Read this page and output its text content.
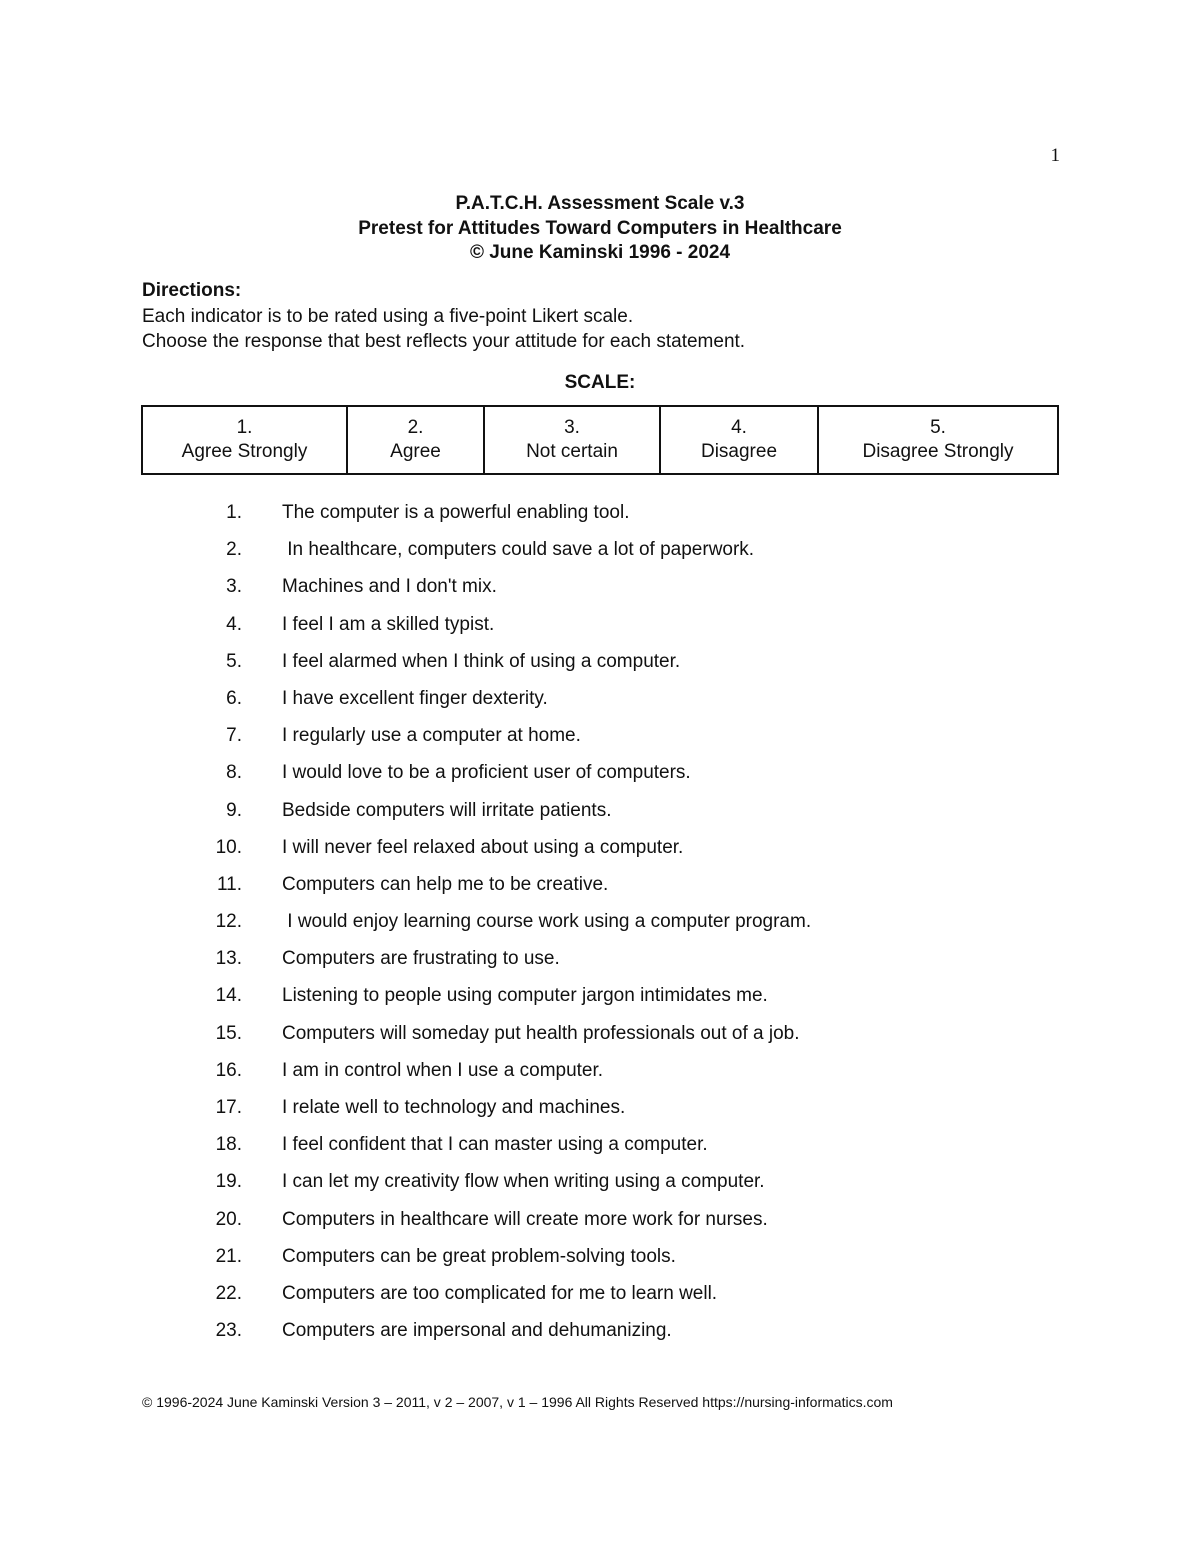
1
P.A.T.C.H. Assessment Scale v.3
Pretest for Attitudes Toward Computers in Healthcare
© June Kaminski 1996 - 2024
Directions:
Each indicator is to be rated using a five-point Likert scale.
Choose the response that best reflects your attitude for each statement.
SCALE:
1.
Agree Strongly

2.
Agree

3.
Not certain

4.
Disagree

5.
Disagree Strongly
1. The computer is a powerful enabling tool.
2. In healthcare, computers could save a lot of paperwork.
3. Machines and I don't mix.
4. I feel I am a skilled typist.
5. I feel alarmed when I think of using a computer.
6. I have excellent finger dexterity.
7. I regularly use a computer at home.
8. I would love to be a proficient user of computers.
9. Bedside computers will irritate patients.
10. I will never feel relaxed about using a computer.
11. Computers can help me to be creative.
12. I would enjoy learning course work using a computer program.
13. Computers are frustrating to use.
14. Listening to people using computer jargon intimidates me.
15. Computers will someday put health professionals out of a job.
16. I am in control when I use a computer.
17. I relate well to technology and machines.
18. I feel confident that I can master using a computer.
19. I can let my creativity flow when writing using a computer.
20. Computers in healthcare will create more work for nurses.
21. Computers can be great problem-solving tools.
22. Computers are too complicated for me to learn well.
23. Computers are impersonal and dehumanizing.
© 1996-2024 June Kaminski Version 3 – 2011, v 2 – 2007, v 1 – 1996 All Rights Reserved https://nursing-informatics.com
